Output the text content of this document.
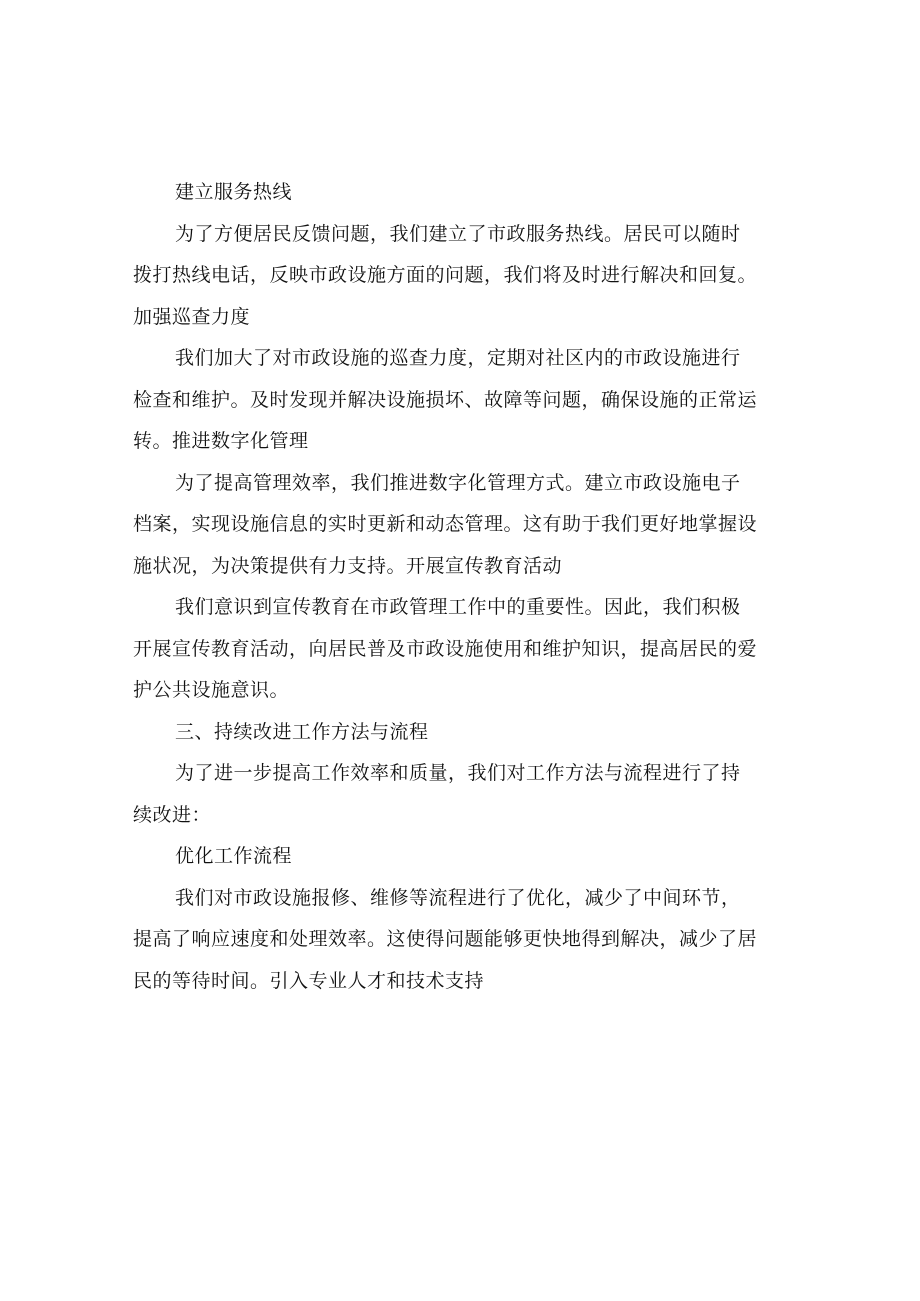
建立服务热线
为了方便居民反馈问题，我们建立了市政服务热线。居民可以随时
拨打热线电话，反映市政设施方面的问题，我们将及时进行解决和回复。
加强巡查力度
我们加大了对市政设施的巡查力度，定期对社区内的市政设施进行
检查和维护。及时发现并解决设施损坏、故障等问题，确保设施的正常运
转。推进数字化管理
为了提高管理效率，我们推进数字化管理方式。建立市政设施电子
档案，实现设施信息的实时更新和动态管理。这有助于我们更好地掌握设
施状况，为决策提供有力支持。开展宣传教育活动
我们意识到宣传教育在市政管理工作中的重要性。因此，我们积极
开展宣传教育活动，向居民普及市政设施使用和维护知识，提高居民的爱
护公共设施意识。
三、持续改进工作方法与流程
为了进一步提高工作效率和质量，我们对工作方法与流程进行了持
续改进：
优化工作流程
我们对市政设施报修、维修等流程进行了优化，减少了中间环节，
提高了响应速度和处理效率。这使得问题能够更快地得到解决，减少了居
民的等待时间。引入专业人才和技术支持
